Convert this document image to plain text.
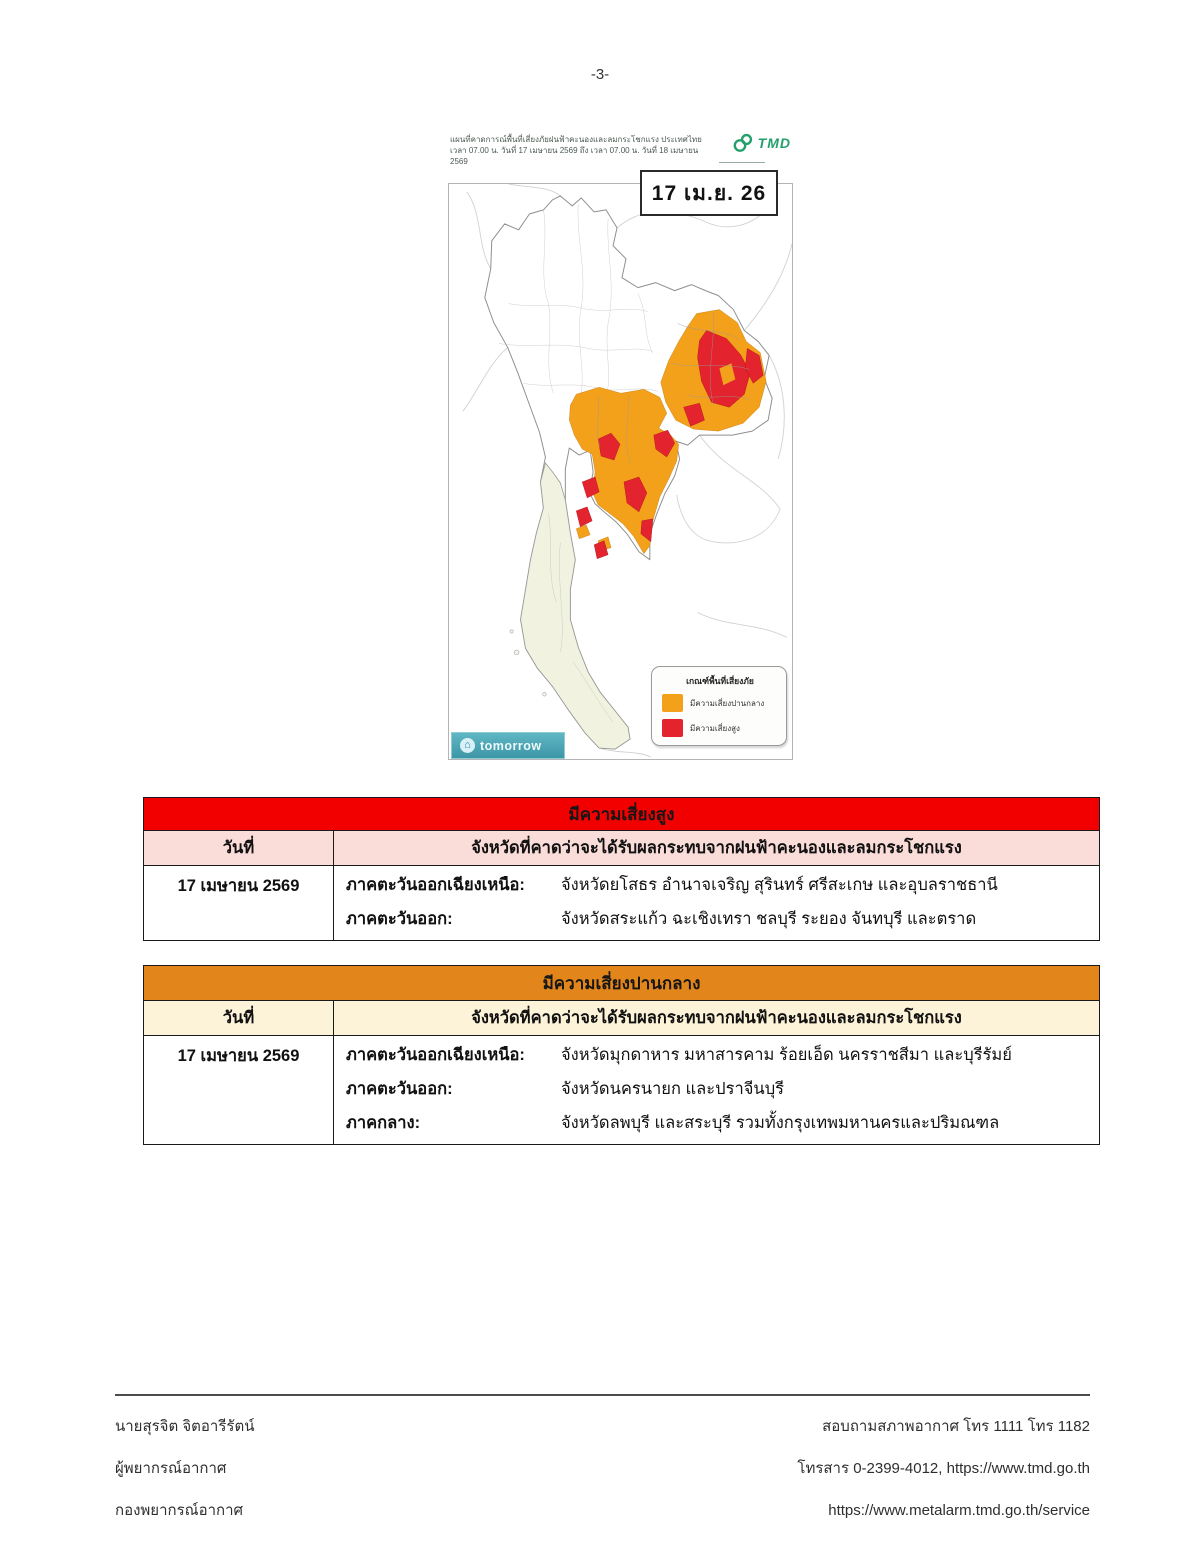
-3-
แผนที่คาดการณ์พื้นที่เสี่ยงภัยฝนฟ้าคะนองและลมกระโชกแรง ประเทศไทย
เวลา 07.00 น. วันที่ 17 เมษายน 2569 ถึง เวลา 07.00 น. วันที่ 18 เมษายน 2569
TMD
17 เม.ย. 26
เกณฑ์พื้นที่เสี่ยงภัย
มีความเสี่ยงปานกลาง
มีความเสี่ยงสูง
⌂ tomorrow
มีความเสี่ยงสูง
วันที่	จังหวัดที่คาดว่าจะได้รับผลกระทบจากฝนฟ้าคะนองและลมกระโชกแรง
17 เมษายน 2569	ภาคตะวันออกเฉียงเหนือ:	จังหวัดยโสธร อำนาจเจริญ สุรินทร์ ศรีสะเกษ และอุบลราชธานี
ภาคตะวันออก:	จังหวัดสระแก้ว ฉะเชิงเทรา ชลบุรี ระยอง จันทบุรี และตราด
มีความเสี่ยงปานกลาง
วันที่	จังหวัดที่คาดว่าจะได้รับผลกระทบจากฝนฟ้าคะนองและลมกระโชกแรง
17 เมษายน 2569	ภาคตะวันออกเฉียงเหนือ:	จังหวัดมุกดาหาร มหาสารคาม ร้อยเอ็ด นครราชสีมา และบุรีรัมย์
ภาคตะวันออก:	จังหวัดนครนายก และปราจีนบุรี
ภาคกลาง:	จังหวัดลพบุรี และสระบุรี รวมทั้งกรุงเทพมหานครและปริมณฑล
นายสุรจิต จิตอารีรัตน์
ผู้พยากรณ์อากาศ
กองพยากรณ์อากาศ
สอบถามสภาพอากาศ โทร 1111 โทร 1182
โทรสาร 0-2399-4012, https://www.tmd.go.th
https://www.metalarm.tmd.go.th/service
